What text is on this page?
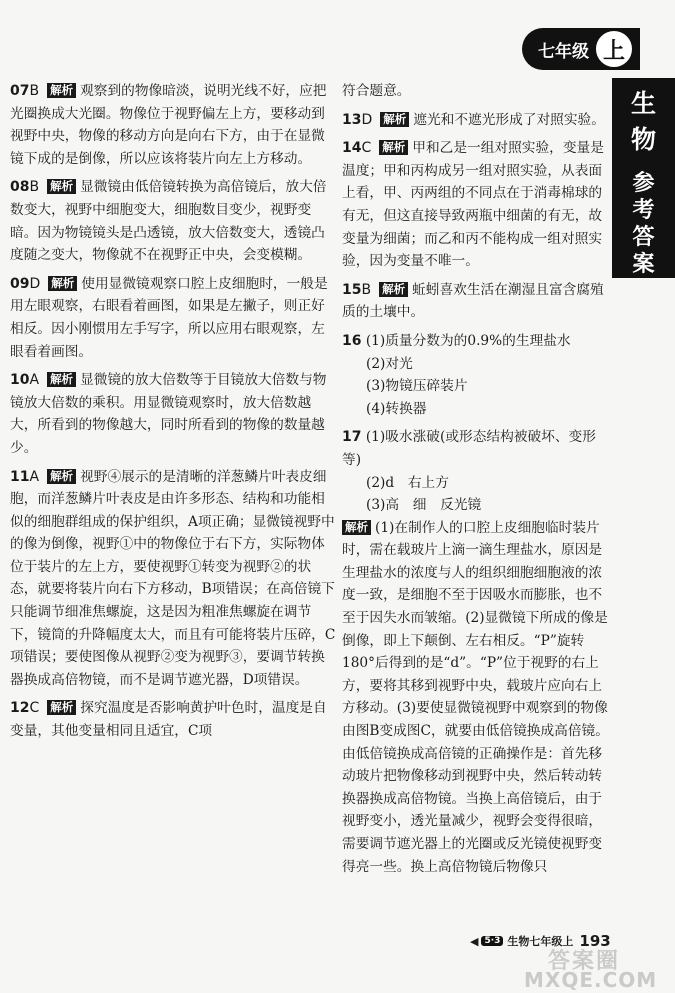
七年级 上
生物
参考答案
07B 解析 观察到的物像暗淡，说明光线不好，应把光圈换成大光圈。物像位于视野偏左上方，要移动到视野中央，物像的移动方向是向右下方，由于在显微镜下成的是倒像，所以应该将装片向左上方移动。
08B 解析 显微镜由低倍镜转换为高倍镜后，放大倍数变大，视野中细胞变大，细胞数目变少，视野变暗。因为物镜镜头是凸透镜，放大倍数变大，透镜凸度随之变大，物像就不在视野正中央，会变模糊。
09D 解析 使用显微镜观察口腔上皮细胞时，一般是用左眼观察，右眼看着画图，如果是左撇子，则正好相反。因小刚惯用左手写字，所以应用右眼观察，左眼看着画图。
10A 解析 显微镜的放大倍数等于目镜放大倍数与物镜放大倍数的乘积。用显微镜观察时，放大倍数越大，所看到的物像越大，同时所看到的物像的数量越少。
11A 解析 视野④展示的是清晰的洋葱鳞片叶表皮细胞，而洋葱鳞片叶表皮是由许多形态、结构和功能相似的细胞群组成的保护组织，A项正确；显微镜视野中的像为倒像，视野①中的物像位于右下方，实际物体位于装片的左上方，要使视野①转变为视野②的状态，就要将装片向右下方移动，B项错误；在高倍镜下只能调节细准焦螺旋，这是因为粗准焦螺旋在调节下，镜筒的升降幅度太大，而且有可能将装片压碎，C项错误；要使图像从视野②变为视野③，要调节转换器换成高倍物镜，而不是调节遮光器，D项错误。
12C 解析 探究温度是否影响黄护叶色时，温度是自变量，其他变量相同且适宜，C项
符合题意。
13D 解析 遮光和不遮光形成了对照实验。
14C 解析 甲和乙是一组对照实验，变量是温度；甲和丙构成另一组对照实验，从表面上看，甲、丙两组的不同点在于消毒棉球的有无，但这直接导致两瓶中细菌的有无，故变量为细菌；而乙和丙不能构成一组对照实验，因为变量不唯一。
15B 解析 蚯蚓喜欢生活在潮湿且富含腐殖质的土壤中。
16 (1)质量分数为的0.9%的生理盐水
(2)对光
(3)物镜压碎装片
(4)转换器
17 (1)吸水涨破(或形态结构被破坏、变形等)
(2)d　右上方
(3)高　细　反光镜
解析 (1)在制作人的口腔上皮细胞临时装片时，需在载玻片上滴一滴生理盐水，原因是生理盐水的浓度与人的组织细胞细胞液的浓度一致，是细胞不至于因吸水而膨胀，也不至于因失水而皱缩。(2)显微镜下所成的像是倒像，即上下颠倒、左右相反。“P”旋转180°后得到的是“d”。“P”位于视野的右上方，要将其移到视野中央，载玻片应向右上方移动。(3)要使显微镜视野中观察到的物像由图B变成图C，就要由低倍镜换成高倍镜。由低倍镜换成高倍镜的正确操作是：首先移动玻片把物像移动到视野中央，然后转动转换器换成高倍物镜。当换上高倍镜后，由于视野变小，透光量减少，视野会变得很暗，需要调节遮光器上的光圈或反光镜使视野变得亮一些。换上高倍物镜后物像只
◀ 5·3 生物七年级上 193
答案圈
MXQE.COM
